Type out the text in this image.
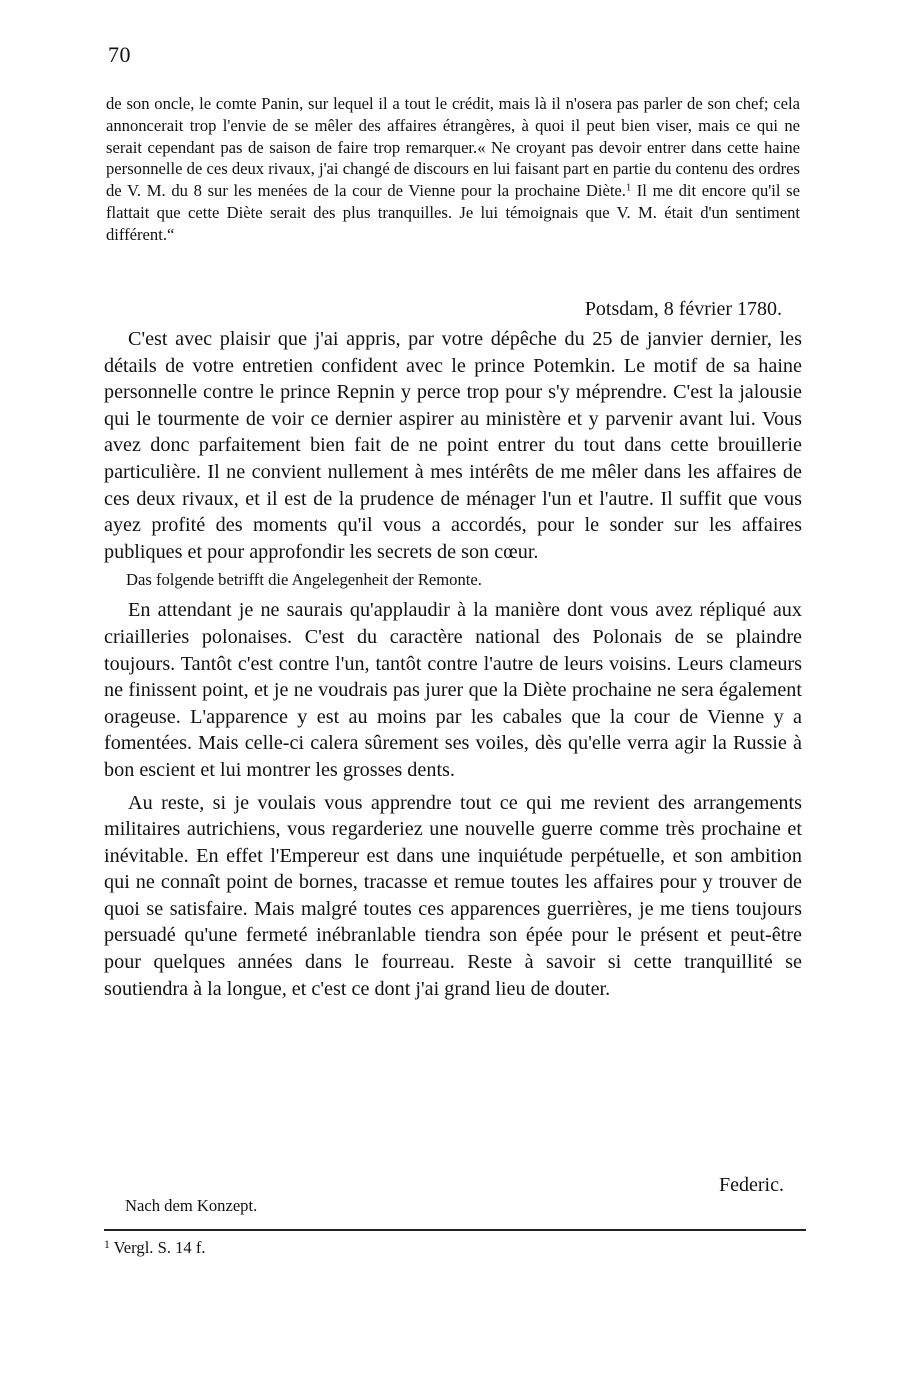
70

de son oncle, le comte Panin, sur lequel il a tout le crédit, mais là il n'osera pas parler de son chef; cela annoncerait trop l'envie de se mêler des affaires étrangères, à quoi il peut bien viser, mais ce qui ne serait cependant pas de saison de faire trop remarquer.« Ne croyant pas devoir entrer dans cette haine personnelle de ces deux rivaux, j'ai changé de discours en lui faisant part en partie du contenu des ordres de V. M. du 8 sur les menées de la cour de Vienne pour la prochaine Diète.$^1$ Il me dit encore qu'il se flattait que cette Diète serait des plus tranquilles. Je lui témoignais que V. M. était d'un sentiment différent.“

Potsdam, 8 février 1780.

C'est avec plaisir que j'ai appris, par votre dépêche du 25 de janvier dernier, les détails de votre entretien confident avec le prince Potemkin. Le motif de sa haine personnelle contre le prince Repnin y perce trop pour s'y méprendre. C'est la jalousie qui le tourmente de voir ce dernier aspirer au ministère et y parvenir avant lui. Vous avez donc parfaitement bien fait de ne point entrer du tout dans cette brouillerie particulière. Il ne convient nullement à mes intérêts de me mêler dans les affaires de ces deux rivaux, et il est de la prudence de ménager l'un et l'autre. Il suffit que vous ayez profité des moments qu'il vous a accordés, pour le sonder sur les affaires publiques et pour approfondir les secrets de son cœur.

Das folgende betrifft die Angelegenheit der Remonte.

En attendant je ne saurais qu'applaudir à la manière dont vous avez répliqué aux criailleries polonaises. C'est du caractère national des Polonais de se plaindre toujours. Tantôt c'est contre l'un, tantôt contre l'autre de leurs voisins. Leurs clameurs ne finissent point, et je ne voudrais pas jurer que la Diète prochaine ne sera également orageuse. L'apparence y est au moins par les cabales que la cour de Vienne y a fomentées. Mais celle-ci calera sûrement ses voiles, dès qu'elle verra agir la Russie à bon escient et lui montrer les grosses dents.

Au reste, si je voulais vous apprendre tout ce qui me revient des arrangements militaires autrichiens, vous regarderiez une nouvelle guerre comme très prochaine et inévitable. En effet l'Empereur est dans une inquiétude perpétuelle, et son ambition qui ne connaît point de bornes, tracasse et remue toutes les affaires pour y trouver de quoi se satisfaire. Mais malgré toutes ces apparences guerrières, je me tiens toujours persuadé qu'une fermeté inébranlable tiendra son épée pour le présent et peut-être pour quelques années dans le fourreau. Reste à savoir si cette tranquillité se soutiendra à la longue, et c'est ce dont j'ai grand lieu de douter.

Federic.
Nach dem Konzept.
$^1$ Vergl. S. 14 f.
